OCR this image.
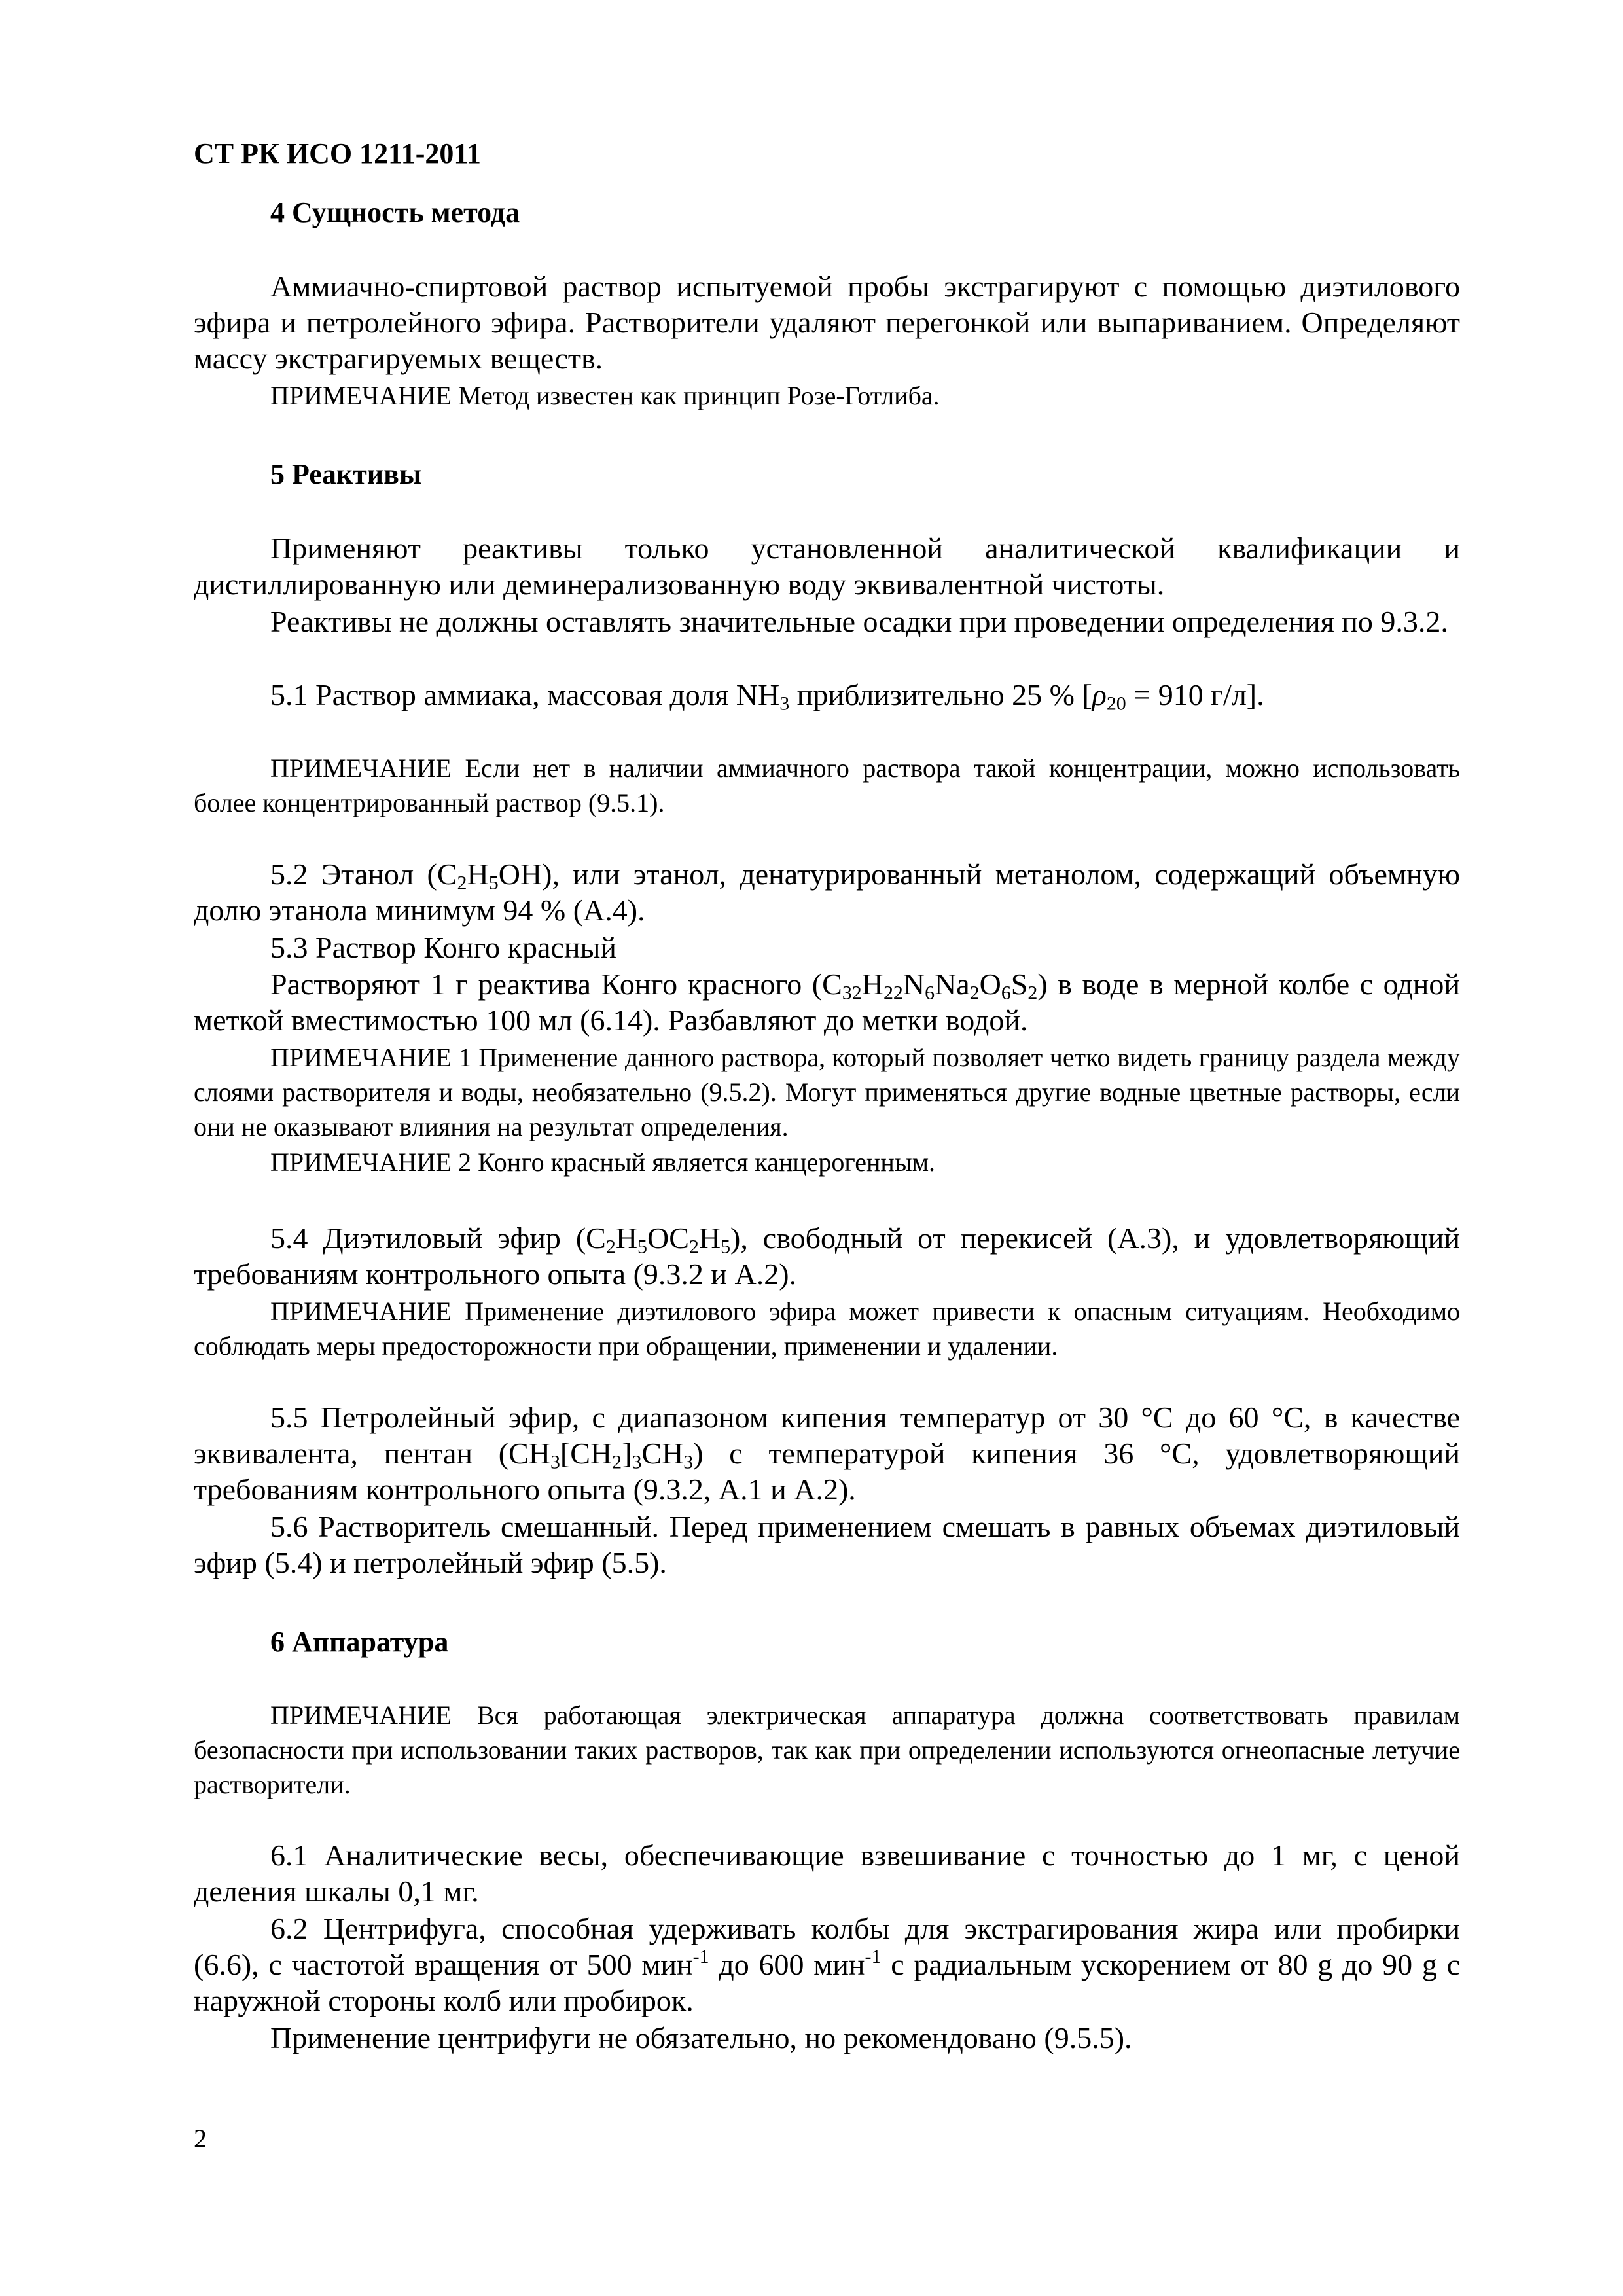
СТ РК ИСО 1211-2011
4 Сущность метода

Аммиачно-спиртовой раствор испытуемой пробы экстрагируют с помощью диэтилового эфира и петролейного эфира. Растворители удаляют перегонкой или выпариванием. Определяют массу экстрагируемых веществ.

ПРИМЕЧАНИЕ Метод известен как принцип Розе-Готлиба.

5 Реактивы

Применяют реактивы только установленной аналитической квалификации и дистиллированную или деминерализованную воду эквивалентной чистоты.

Реактивы не должны оставлять значительные осадки при проведении определения по 9.3.2.

5.1 Раствор аммиака, массовая доля $NH_3$ приблизительно 25 % [$\rho_{20} = 910$ г/л].

ПРИМЕЧАНИЕ Если нет в наличии аммиачного раствора такой концентрации, можно использовать более концентрированный раствор (9.5.1).

5.2 Этанол $(C_2H_5OH)$, или этанол, денатурированный метанолом, содержащий объемную долю этанола минимум 94 % (А.4).

5.3 Раствор Конго красный

Растворяют 1 г реактива Конго красного $(C_{32}H_{22}N_6Na_2O_6S_2)$ в воде в мерной колбе с одной меткой вместимостью 100 мл (6.14). Разбавляют до метки водой.

ПРИМЕЧАНИЕ 1 Применение данного раствора, который позволяет четко видеть границу раздела между слоями растворителя и воды, необязательно (9.5.2). Могут применяться другие водные цветные растворы, если они не оказывают влияния на результат определения.

ПРИМЕЧАНИЕ 2 Конго красный является канцерогенным.

5.4 Диэтиловый эфир $(C_2H_5OC_2H_5)$, свободный от перекисей (А.3), и удовлетворяющий требованиям контрольного опыта (9.3.2 и А.2).

ПРИМЕЧАНИЕ Применение диэтилового эфира может привести к опасным ситуациям. Необходимо соблюдать меры предосторожности при обращении, применении и удалении.

5.5 Петролейный эфир, с диапазоном кипения температур от 30 °С до 60 °С, в качестве эквивалента, пентан $(CH_3[CH_2]_3CH_3)$ с температурой кипения 36 °С, удовлетворяющий требованиям контрольного опыта (9.3.2, А.1 и А.2).

5.6 Растворитель смешанный. Перед применением смешать в равных объемах диэтиловый эфир (5.4) и петролейный эфир (5.5).

6 Аппаратура

ПРИМЕЧАНИЕ Вся работающая электрическая аппаратура должна соответствовать правилам безопасности при использовании таких растворов, так как при определении используются огнеопасные летучие растворители.

6.1 Аналитические весы, обеспечивающие взвешивание с точностью до 1 мг, с ценой деления шкалы 0,1 мг.

6.2 Центрифуга, способная удерживать колбы для экстрагирования жира или пробирки (6.6), с частотой вращения от 500 мин$^{-1}$ до 600 мин$^{-1}$ с радиальным ускорением от 80 g до 90 g с наружной стороны колб или пробирок.

Применение центрифуги не обязательно, но рекомендовано (9.5.5).

2
